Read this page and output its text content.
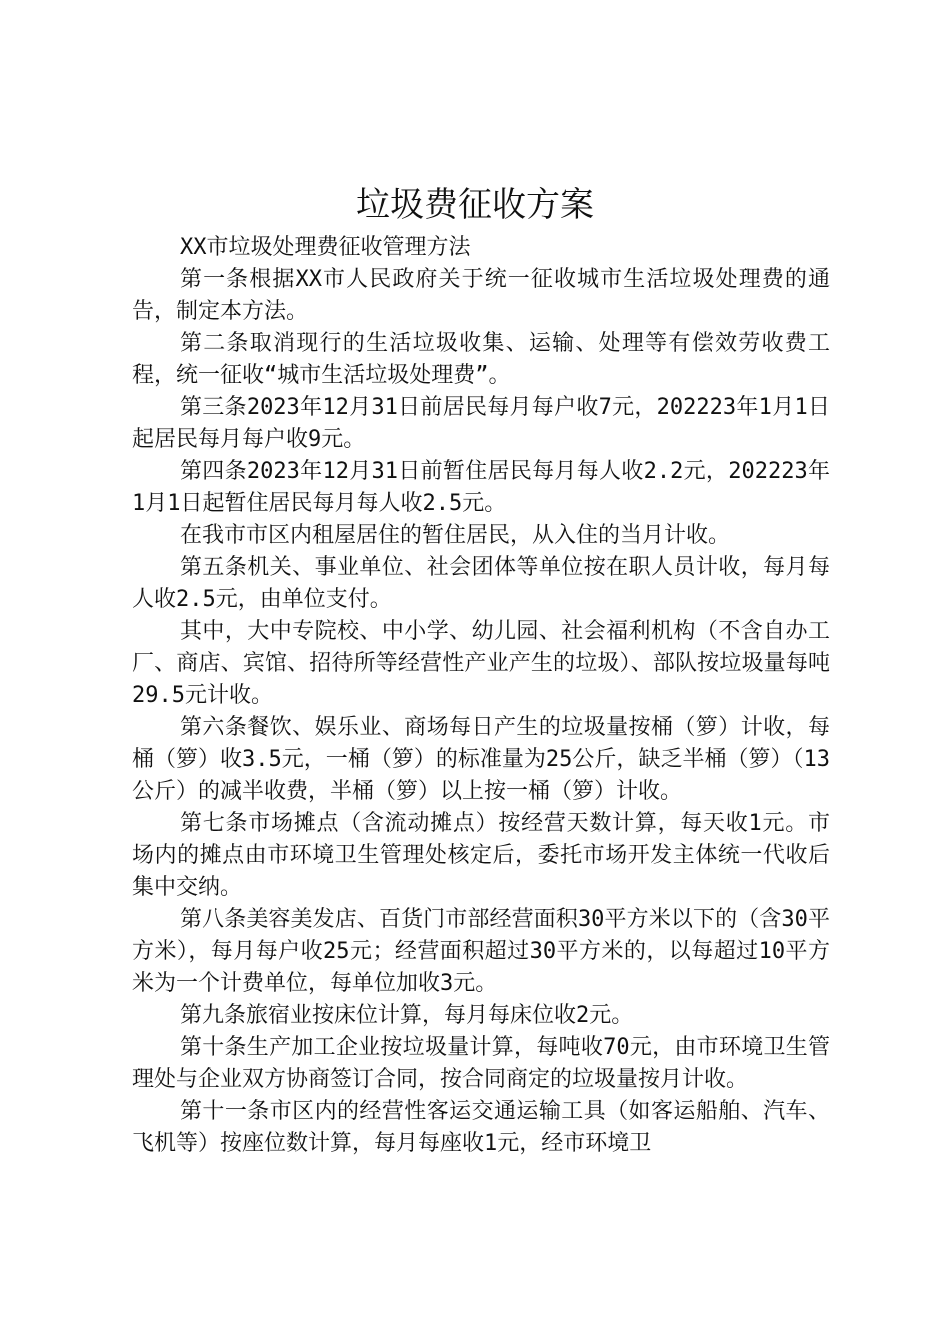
垃圾费征收方案

XX市垃圾处理费征收管理方法

第一条根据XX市人民政府关于统一征收城市生活垃圾处理费的通告，制定本方法。

第二条取消现行的生活垃圾收集、运输、处理等有偿效劳收费工程，统一征收“城市生活垃圾处理费”。

第三条2023年12月31日前居民每月每户收7元，202223年1月1日起居民每月每户收9元。

第四条2023年12月31日前暂住居民每月每人收2.2元，202223年1月1日起暂住居民每月每人收2.5元。

在我市市区内租屋居住的暂住居民，从入住的当月计收。

第五条机关、事业单位、社会团体等单位按在职人员计收，每月每人收2.5元，由单位支付。

其中，大中专院校、中小学、幼儿园、社会福利机构（不含自办工厂、商店、宾馆、招待所等经营性产业产生的垃圾）、部队按垃圾量每吨29.5元计收。

第六条餐饮、娱乐业、商场每日产生的垃圾量按桶（箩）计收，每桶（箩）收3.5元，一桶（箩）的标准量为25公斤，缺乏半桶（箩）（13公斤）的减半收费，半桶（箩）以上按一桶（箩）计收。

第七条市场摊点（含流动摊点）按经营天数计算，每天收1元。市场内的摊点由市环境卫生管理处核定后，委托市场开发主体统一代收后集中交纳。

第八条美容美发店、百货门市部经营面积30平方米以下的（含30平方米），每月每户收25元；经营面积超过30平方米的，以每超过10平方米为一个计费单位，每单位加收3元。

第九条旅宿业按床位计算，每月每床位收2元。

第十条生产加工企业按垃圾量计算，每吨收70元，由市环境卫生管理处与企业双方协商签订合同，按合同商定的垃圾量按月计收。

第十一条市区内的经营性客运交通运输工具（如客运船舶、汽车、飞机等）按座位数计算，每月每座收1元，经市环境卫
